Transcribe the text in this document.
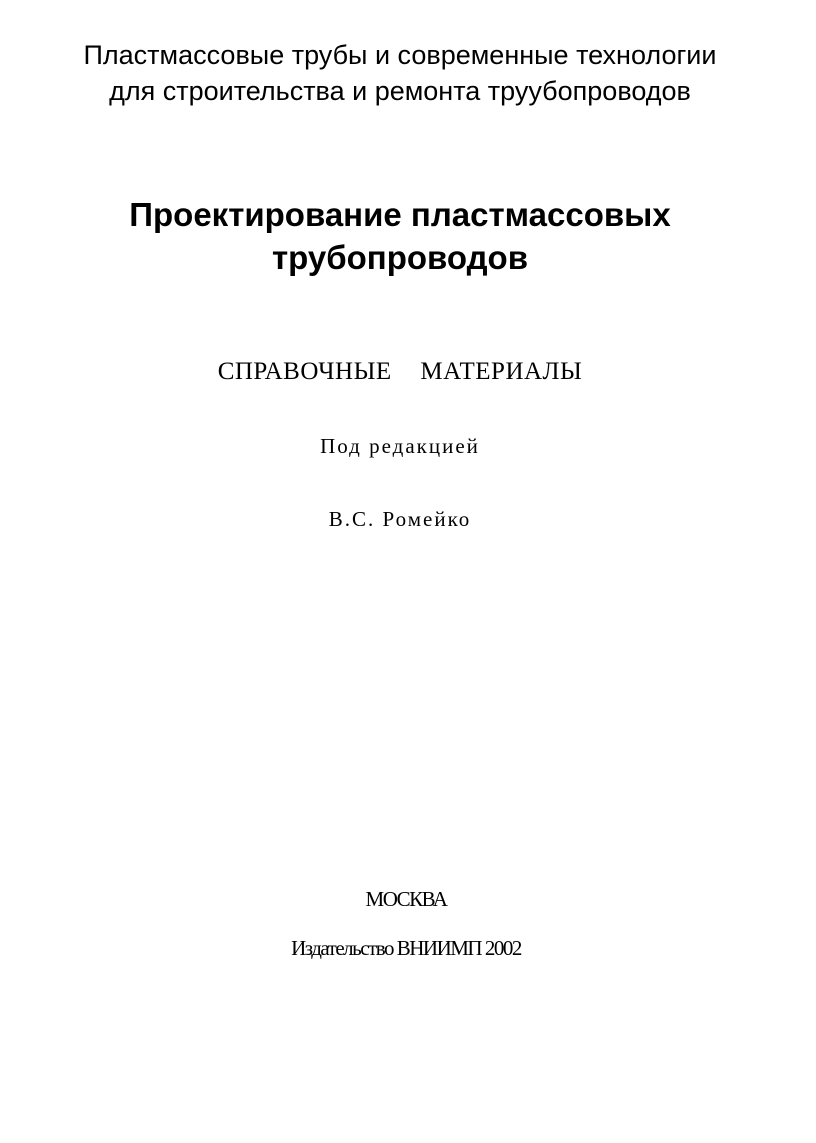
Пластмассовые трубы и современные технологии
для строительства и ремонта труубопроводов
Проектирование пластмассовых
трубопроводов
СПРАВОЧНЫЕ МАТЕРИАЛЫ
Под редакцией
В.С. Ромейко
МОСКВА
Издательство ВНИИМП 2002
